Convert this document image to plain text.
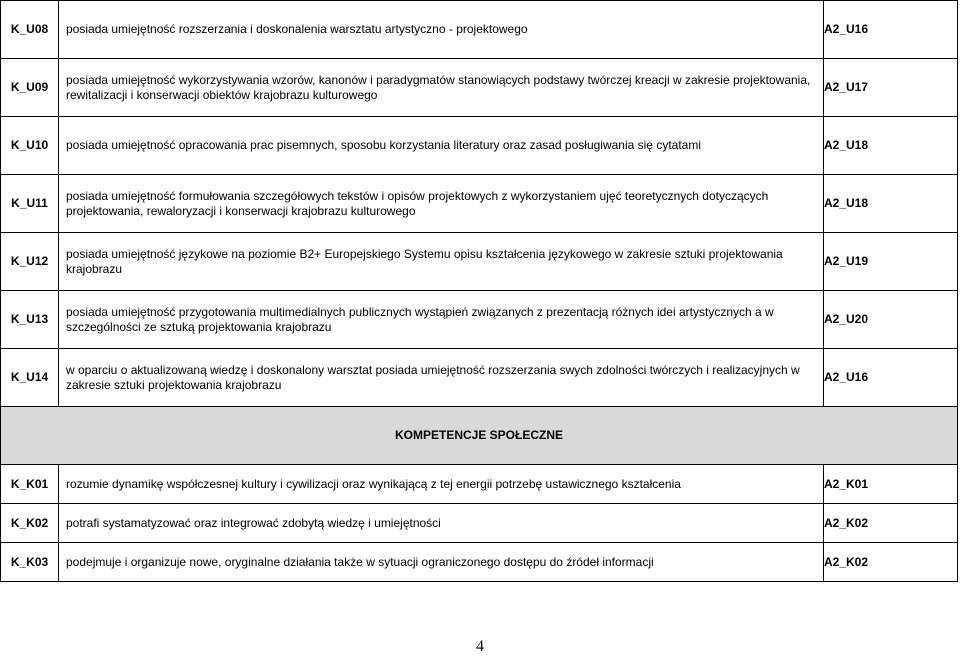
K_U08	posiada umiejętność rozszerzania i doskonalenia warsztatu artystyczno - projektowego	A2_U16
K_U09	posiada umiejętność wykorzystywania wzorów, kanonów i paradygmatów stanowiących podstawy twórczej kreacji w zakresie projektowania, rewitalizacji i konserwacji obiektów krajobrazu kulturowego	A2_U17
K_U10	posiada umiejętność opracowania prac pisemnych, sposobu korzystania literatury oraz zasad posługiwania się cytatami	A2_U18
K_U11	posiada umiejętność formułowania szczegółowych tekstów i opisów projektowych z wykorzystaniem ujęć teoretycznych dotyczących projektowania, rewaloryzacji i konserwacji krajobrazu kulturowego	A2_U18
K_U12	posiada umiejętność językowe na poziomie B2+ Europejskiego Systemu opisu kształcenia językowego w zakresie sztuki projektowania krajobrazu	A2_U19
K_U13	posiada umiejętność przygotowania multimedialnych publicznych wystąpień związanych z prezentacją różnych idei artystycznych a w szczególności ze sztuką projektowania krajobrazu	A2_U20
K_U14	w oparciu o aktualizowaną wiedzę i doskonalony warsztat posiada umiejętność rozszerzania swych zdolności twórczych i realizacyjnych w zakresie sztuki projektowania krajobrazu	A2_U16
KOMPETENCJE SPOŁECZNE		
K_K01	rozumie dynamikę współczesnej kultury i cywilizacji oraz wynikającą z tej energii potrzebę ustawicznego kształcenia	A2_K01
K_K02	potrafi systamatyzować oraz integrować zdobytą wiedzę i umiejętności	A2_K02
K_K03	podejmuje i organizuje nowe, oryginalne działania także w sytuacji ograniczonego dostępu do źródeł informacji	A2_K02
4
